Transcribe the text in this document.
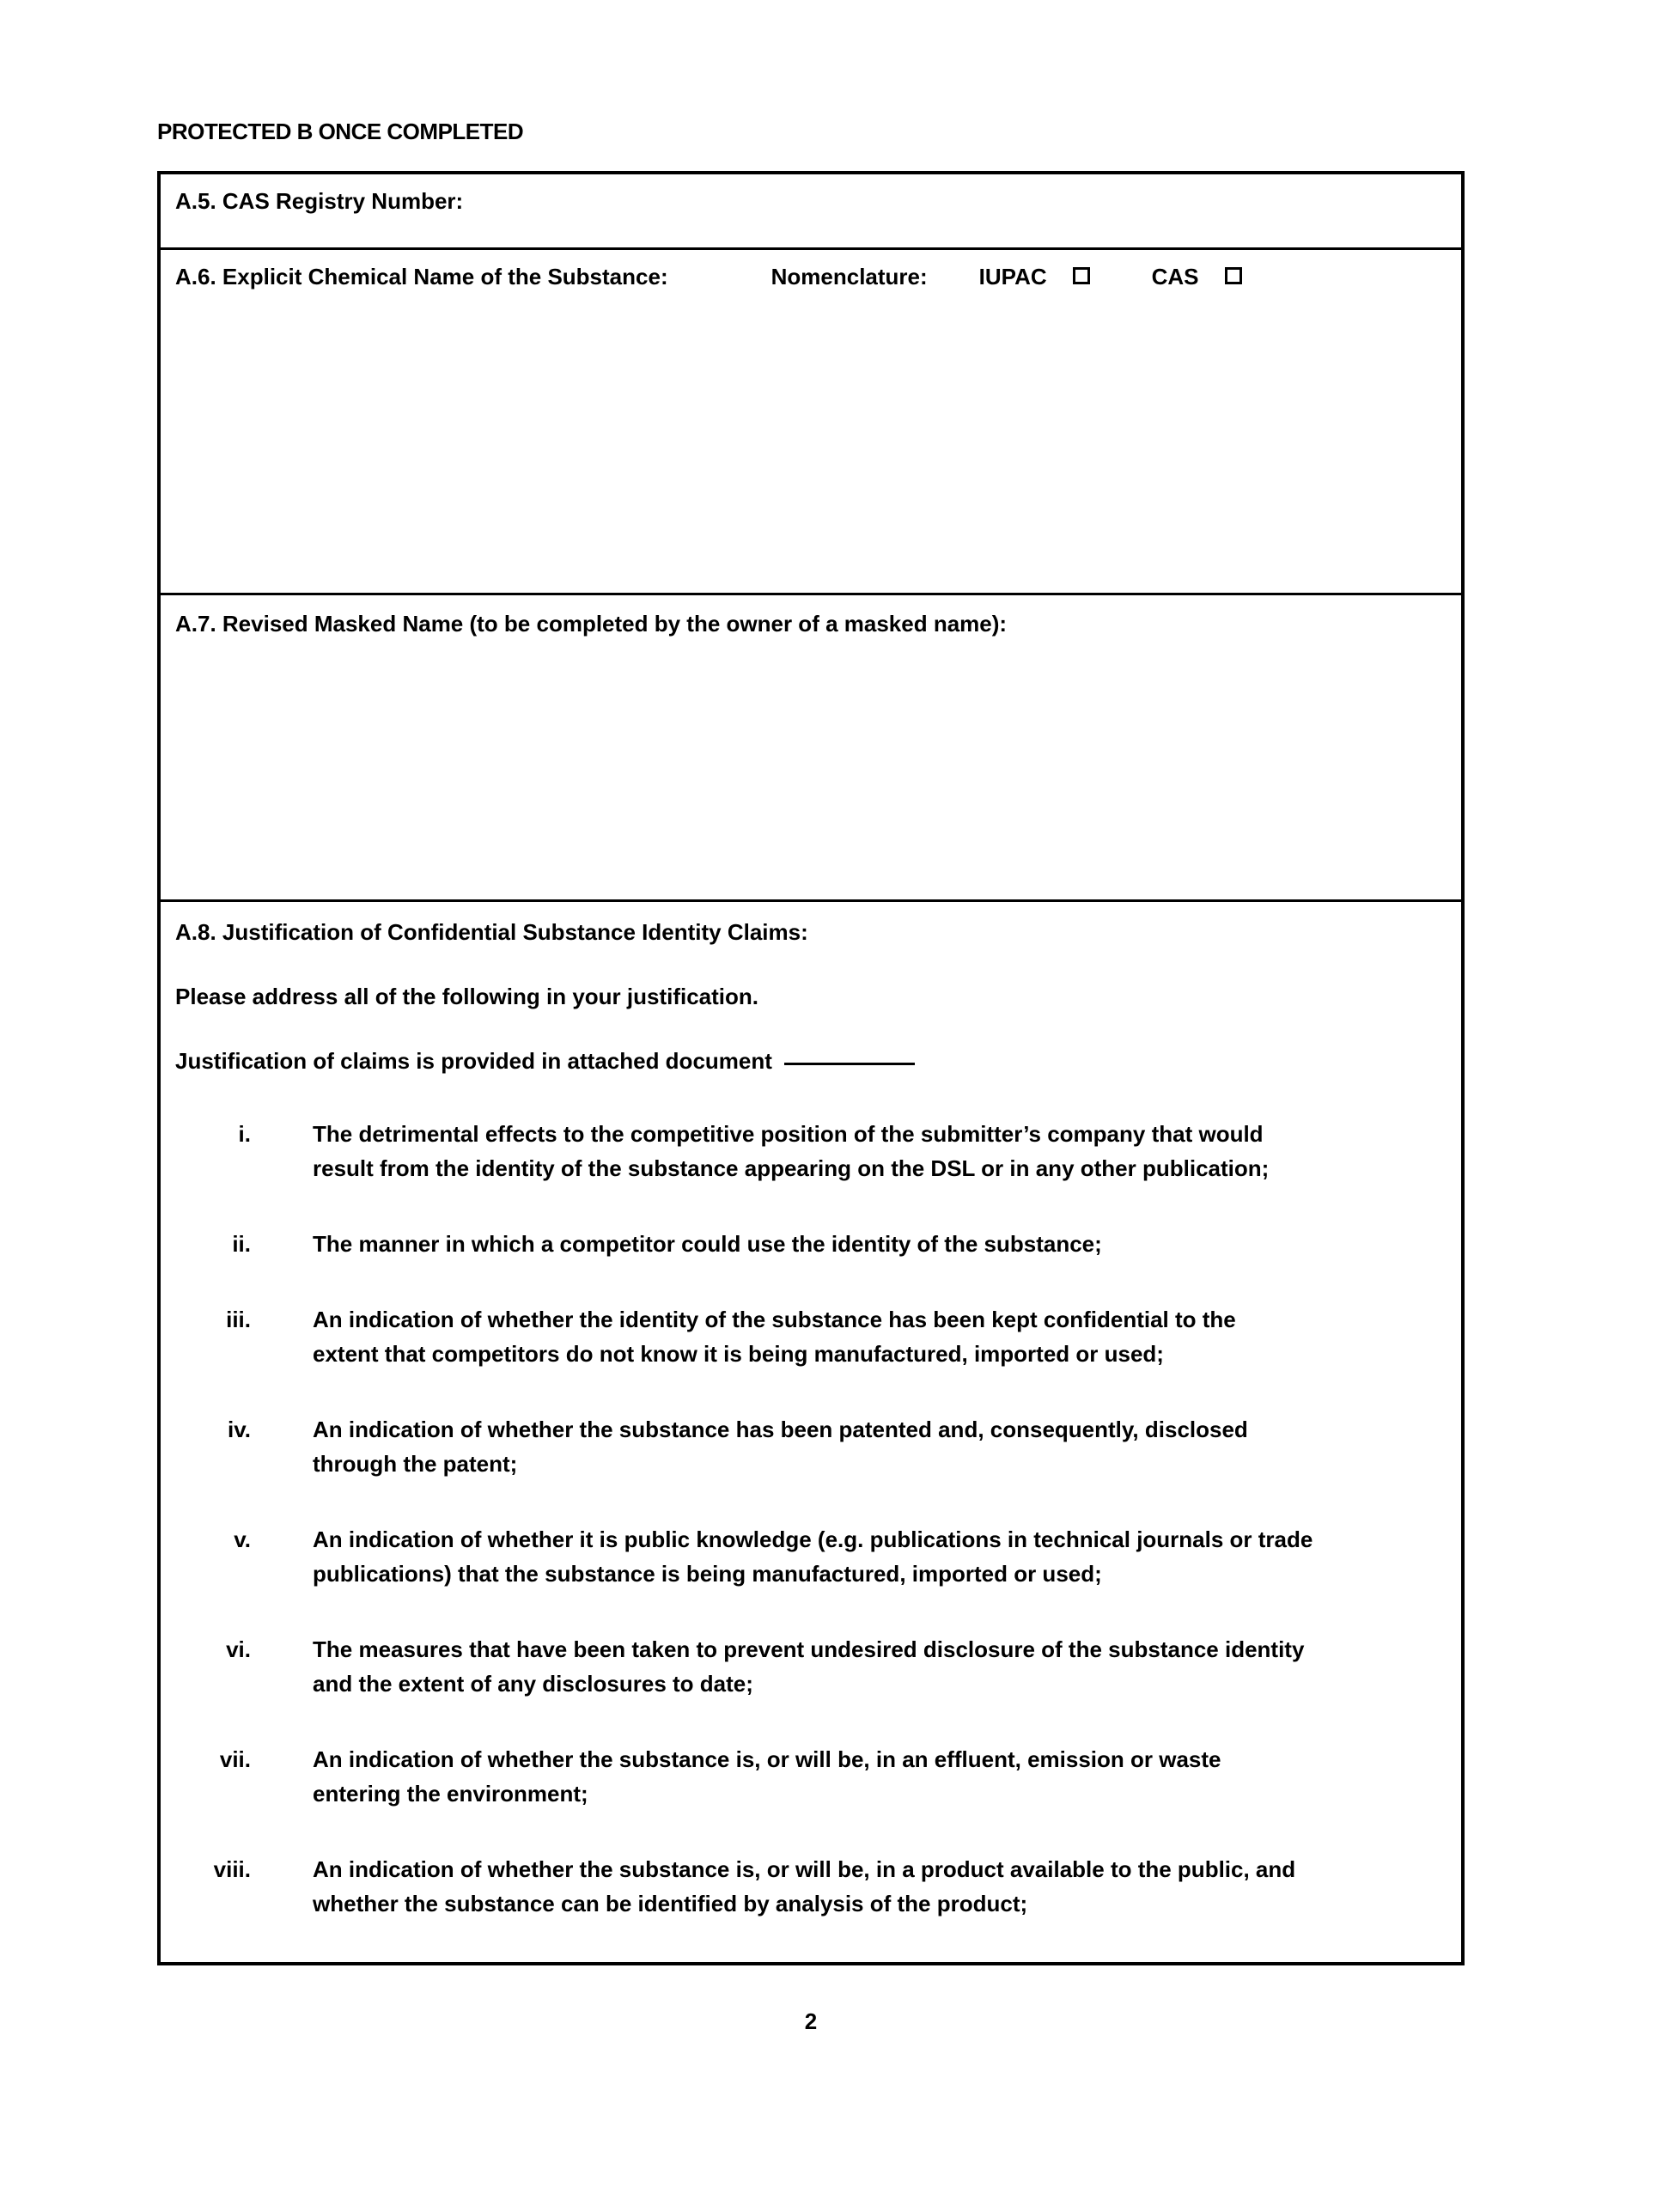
PROTECTED B ONCE COMPLETED
A.5. CAS Registry Number:
A.6. Explicit Chemical Name of the Substance:	Nomenclature: IUPAC	CAS
A.7. Revised Masked Name (to be completed by the owner of a masked name):
A.8. Justification of Confidential Substance Identity Claims:
Please address all of the following in your justification.
Justification of claims is provided in attached document
i.	The detrimental effects to the competitive position of the submitter’s company that would
result from the identity of the substance appearing on the DSL or in any other publication;
ii.	The manner in which a competitor could use the identity of the substance;
iii.	An indication of whether the identity of the substance has been kept confidential to the
extent that competitors do not know it is being manufactured, imported or used;
iv.	An indication of whether the substance has been patented and, consequently, disclosed
through the patent;
v.	An indication of whether it is public knowledge (e.g. publications in technical journals or trade
publications) that the substance is being manufactured, imported or used;
vi.	The measures that have been taken to prevent undesired disclosure of the substance identity
and the extent of any disclosures to date;
vii.	An indication of whether the substance is, or will be, in an effluent, emission or waste
entering the environment;
viii.	An indication of whether the substance is, or will be, in a product available to the public, and
whether the substance can be identified by analysis of the product;
2
